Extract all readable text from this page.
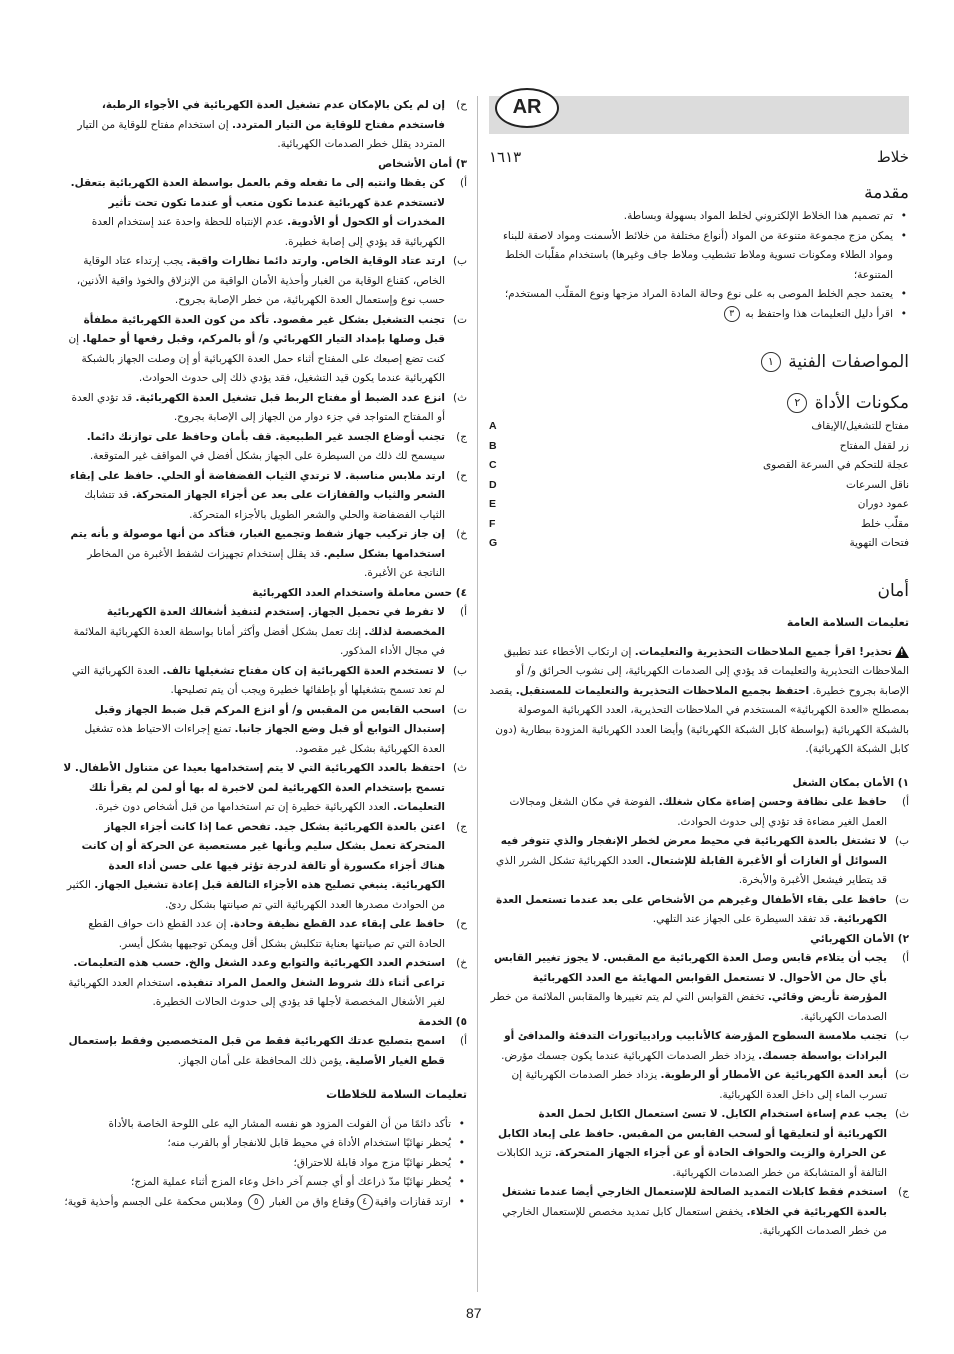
AR
خلاط
١٦١٣
مقدمة
• تم تصميم هذا الخلاط الإلكتروني لخلط المواد بسهولة وبساطة.
• يمكن مزج مجموعة متنوعة من المواد (أنواع مختلفة من خلائط الأسمنت ومواد لاصقة للبناء ومواد الطلاء ومكونات تسوية وملاط تشطيب وملاط جاف وغيرها) باستخدام مقلّبات الخلط المتنوعة؛
• يعتمد حجم الخلط الموصى به على نوع وحالة المادة المراد مزجها ونوع المقلّب المستخدم؛
• اقرأ دليل التعليمات هذا واحتفظ به ٣
المواصفات الفنية ١
مكونات الأداة ٢
مفتاح للتشغيل/الإيقاف
A
زر لقفل المفتاح
B
عجلة للتحكم في السرعة القصوى
C
ناقل السرعات
D
عمود دوران
E
مقلّب خلط
F
فتحات التهوية
G
أمان
تعليمات السلامة العامة

!تحذير! اقرأ جميع الملاحظات التحذيرية والتعليمات. إن ارتكاب الأخطاء عند تطبيق الملاحظات التحذيرية والتعليمات قد يؤدي إلى الصدمات الكهربائية، إلى نشوب الحرائق و/ أو الإصابة بجروح خطيرة. احتفظ بجميع الملاحظات التحذيرية والتعليمات للمستقبل. يقصد بمصطلح «العدة الكهربائية» المستخدم في الملاحظات التحذيرية، العدد الكهربائية الموصولة بالشبكة الكهربائية (بواسطة كابل الشبكة الكهربائية) وأيضا العدد الكهربائية المزودة ببطارية (دون كابل الشبكة الكهربائية).

١) الأمان بمكان الشغل
أ)
حافظ على نظافة وحسن إضاءة مكان شغلك. الفوضة في مكان الشغل ومجالات العمل الغير مضاءة قد تؤدي إلى حدوث الحوادث.
ب)
لا تشتغل بالعدة الكهربائية في محيط معرض لخطر الإنفجار والذي تتوفر فيه السوائل أو الغازات أو الأغبرة القابلة للإشتعال. العدد الكهربائية تشكل الشرر الذي قد يتطاير فيشعل الأغبرة والأبخرة.
ت)
حافظ على بقاء الأطفال وغيرهم من الأشخاص على بعد عندما تستعمل العدة الكهربائية. قد تفقد السيطرة على الجهاز عند التلهي.
٢) الأمان الكهربائي
أ)
يجب أن يتلاءم قابس وصل العدة الكهربائية مع المقبس. لا يجوز تغيير القابس بأي حال من الأحوال. لا تستعمل القوابس المهايئة مع العدد الكهربائية المؤرضة تأريض وقائي. تخفض القوابس التي لم يتم تغييرها والمقابس الملائمة من خطر الصدمات الكهربائية.
ب)
تجنب ملامسة السطوح المؤرضة كالأنابيب وراديياتورات التدفئة والمدافئ أو البرادات بواسطة جسمك. يزداد خطر الصدمات الكهربائية عندما يكون جسمك مؤرض.
ت)
أبعد العدة الكهربائية عن الأمطار أو الرطوبة. يزداد خطر الصدمات الكهربائية إن تسرب الماء إلى داخل العدة الكهربائية.
ث)
يجب عدم إساءة استخدام الكابل. لا تسئ استعمال الكابل لحمل العدة الكهربائية أو لتعليقها أو لسحب القابس من المقبس. حافظ على إبعاد الكابل عن الحرارة والزيت والحواف الحادة أو عن أجزاء الجهاز المتحركة. تزيد الكابلات التالفة أو المتشابكة من خطر الصدمات الكهربائية.
ج)
استخدم فقط كابلات التمديد الصالحة للإستعمال الخارجي أيضا عندما تشتغل بالعدة الكهربائية في الخلاء. يخفض استعمال كابل تمديد مخصص للإستعمال الخارجي من خطر الصدمات الكهربائية.
ح)
إن لم يكن بالإمكان عدم تشغيل العدة الكهربائية في الأجواء الرطبة، فاستخدم مفتاح للوقاية من التيار المتردد. إن استخدام مفتاح للوقاية من التيار المتردد يقلل خطر الصدمات الكهربائية.
٣) أمان الأشخاص
أ)
كن يقظا وانتبه إلى ما تفعله وقم بالعمل بواسطة العدة الكهربائية بتعقل. لاتستخدم عدة كهربائية عندما تكون متعب أو عندما تكون تحت تأثير المخدرات أو الكحول أو الأدوية. عدم الإنتباه للحظة واحدة عند إستخدام العدة الكهربائية قد يؤدي إلى إصابة خطيرة.
ب)
ارتد عتاد الوقاية الخاص. وارتد دائما نظارات واقية. يجب إرتداء عتاد الوقاية الخاص، كقناع الوقاية من الغبار وأحذية الأمان الواقية من الإنزلاق والخوذ واقية الأذنين، حسب نوع وإستعمال العدة الكهربائية، من خطر الإصابة بجروح.
ت)
تجنب التشغيل بشكل غير مقصود. تأكد من كون العدة الكهربائية مطفأة قبل وصلها بإمداد التيار الكهربائي و/ أو بالمركم، وقبل رفعها أو حملها. إن كنت تضع إصبعك على المفتاح أثناء حمل العدة الكهربائية أو إن وصلت الجهاز بالشبكة الكهربائية عندما يكون قيد التشغيل، فقد يؤدي ذلك إلى حدوث الحوادث.
ث)
انزع عدد الضبط أو مفتاح الربط قبل تشغيل العدة الكهربائية. قد تؤدي العدة أو المفتاح المتواجد في جزء دوار من الجهاز إلى الإصابة بجروح.
ج)
تجنب أوضاع الجسد غير الطبيعية. قف بأمان وحافظ على توازنك دائما. سيسمح لك ذلك من السيطرة على الجهاز بشكل أفضل في المواقف غير المتوقعة.
ح)
ارتد ملابس مناسبة. لا ترتدي الثياب الفضفاضة أو الحلي. حافظ على إبقاء الشعر والثياب والقفازات على بعد عن أجزاء الجهاز المتحركة. قد تتشابك الثياب الفضفاضة والحلي والشعر الطويل بالأجزاء المتحركة.
خ)
إن جاز تركيب جهاز شفط وتجميع الغبار، فتأكد من أنها موصولة و بأنه يتم استخدامها بشكل سليم. قد يقلل إستخدام تجهيزات لشفط الأغبرة من المخاطر الناتجة عن الأغبرة.
٤) حسن معاملة واستخدام العدد الكهربائية
أ)
لا تفرط في تحميل الجهاز. إستخدم لتنفيذ أشغالك العدة الكهربائية المخصصة لذلك. إنك تعمل بشكل أفضل وأكثر أمانا بواسطة العدة الكهربائية الملائمة في مجال الأداء المذكور.
ب)
لا تستخدم العدة الكهربائية إن كان مفتاح تشغيلها تالف. العدة الكهربائية التي لم تعد تسمح بتشغيلها أو بإطفائها خطيرة ويجب أن يتم تصليحها.
ت)
اسحب القابس من المقبس و/ أو انزع المركم قبل ضبط الجهاز وقبل إستبدال التوابع أو قبل وضع الجهاز جانبا. تمنع إجراءات الاحتياط هذه تشغيل العدة الكهربائية بشكل غير مقصود.
ث)
احتفظ بالعدد الكهربائية التي لا يتم إستخدامها بعيدا عن متناول الأطفال. لا تسمح بإستخدام العدة الكهربائية لمن لاخبرة له بها أو لمن لم يقرأ تلك التعليمات. العدد الكهربائية خطيرة إن تم استخدامها من قبل أشخاص دون خبرة.
ج)
اعتن بالعدة الكهربائية بشكل جيد. تفحص عما إذا كانت أجزاء الجهاز المتحركة تعمل بشكل سليم وبأنها غير مستعصية عن الحركة أو إن كانت هناك أجزاء مكسورة أو تالفة لدرجة تؤثر فيها على حسن أداء العدة الكهربائية. ينبغي تصليح هذه الأجزاء التالفة قبل إعادة تشغيل الجهاز. الكثير من الحوادث مصدرها العدد الكهربائية التي تم صيانتها بشكل ردئ.
ح)
حافظ على إبقاء عدد القطع نظيفة وحادة. إن عدد القطع ذات حواف القطع الحادة التي تم صيانتها بعناية تتكلبش بشكل أقل ويمكن توجيهها بشكل أيسر.
خ)
استخدم العدد الكهربائية والتوابع وعدد الشغل والخ. حسب هذه التعليمات. تراعى أثناء ذلك شروط الشغل والعمل المراد تنفيذه. استخدام العدد الكهربائية لغير الأشغال المخصصة لأجلها قد يؤدي إلى حدوث الحالات الخطيرة.
٥) الخدمة
أ)
اسمح بتصليح عدتك الكهربائية فقط من قبل المتخصصين وفقط بإستعمال قطع الغيار الأصلية. يؤمن ذلك المحافظة على أمان الجهاز.
تعليمات السلامة للخلاطات
• تأكد دائمًا من أن الفولت المزود هو نفسه المشار اليه على اللوحة الخاصة بالأداة
• يُحظر نهائيًا استخدام الأداة في محيط قابل للانفجار أو بالقرب منه؛
• يُحظر نهائيًا مزج مواد قابلة للاحتراق؛
• يُحظر نهائيًا مدّ ذراعك أو أي جسم آخر داخل وعاء المزج أثناء عملية المزج؛
• ارتد قفازات واقية٤وقناع واق من الغبار ٥ وملابس محكمة على الجسم وأحذية قوية؛
87
